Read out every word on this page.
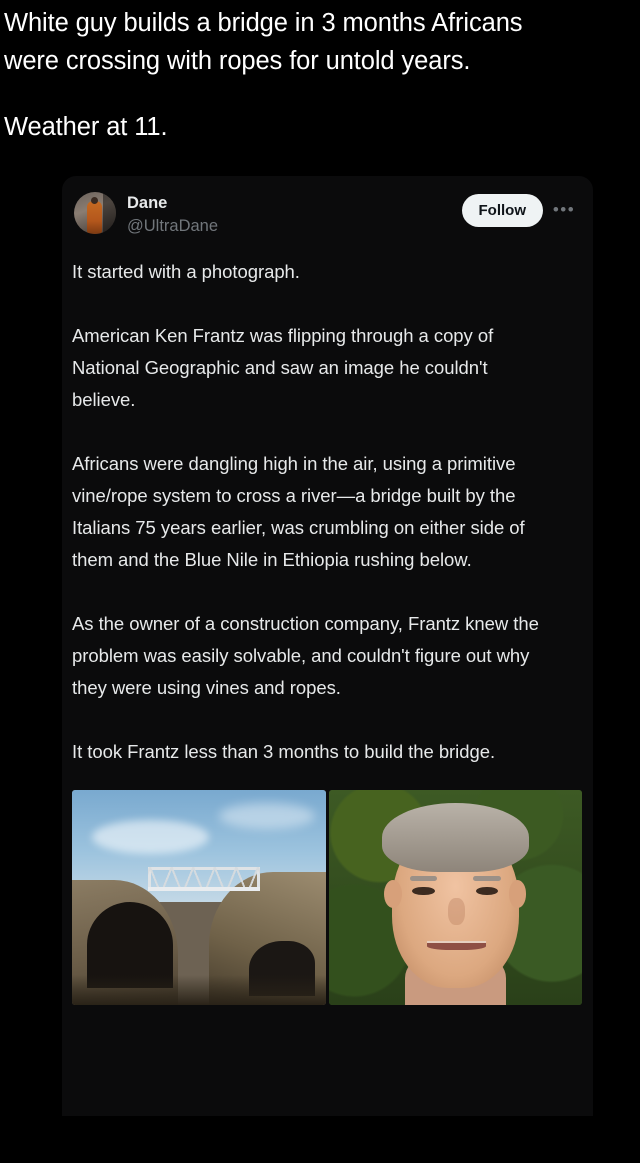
White guy builds a bridge in 3 months Africans

were crossing with ropes for untold years.

Weather at 11.

Dane
@UltraDane
Follow	•••

It started with a photograph.

American Ken Frantz was flipping through a copy of National Geographic and saw an image he couldn't believe.

Africans were dangling high in the air, using a primitive vine/rope system to cross a river—a bridge built by the Italians 75 years earlier, was crumbling on either side of them and the Blue Nile in Ethiopia rushing below.

As the owner of a construction company, Frantz knew the problem was easily solvable, and couldn't figure out why they were using vines and ropes.

It took Frantz less than 3 months to build the bridge.
